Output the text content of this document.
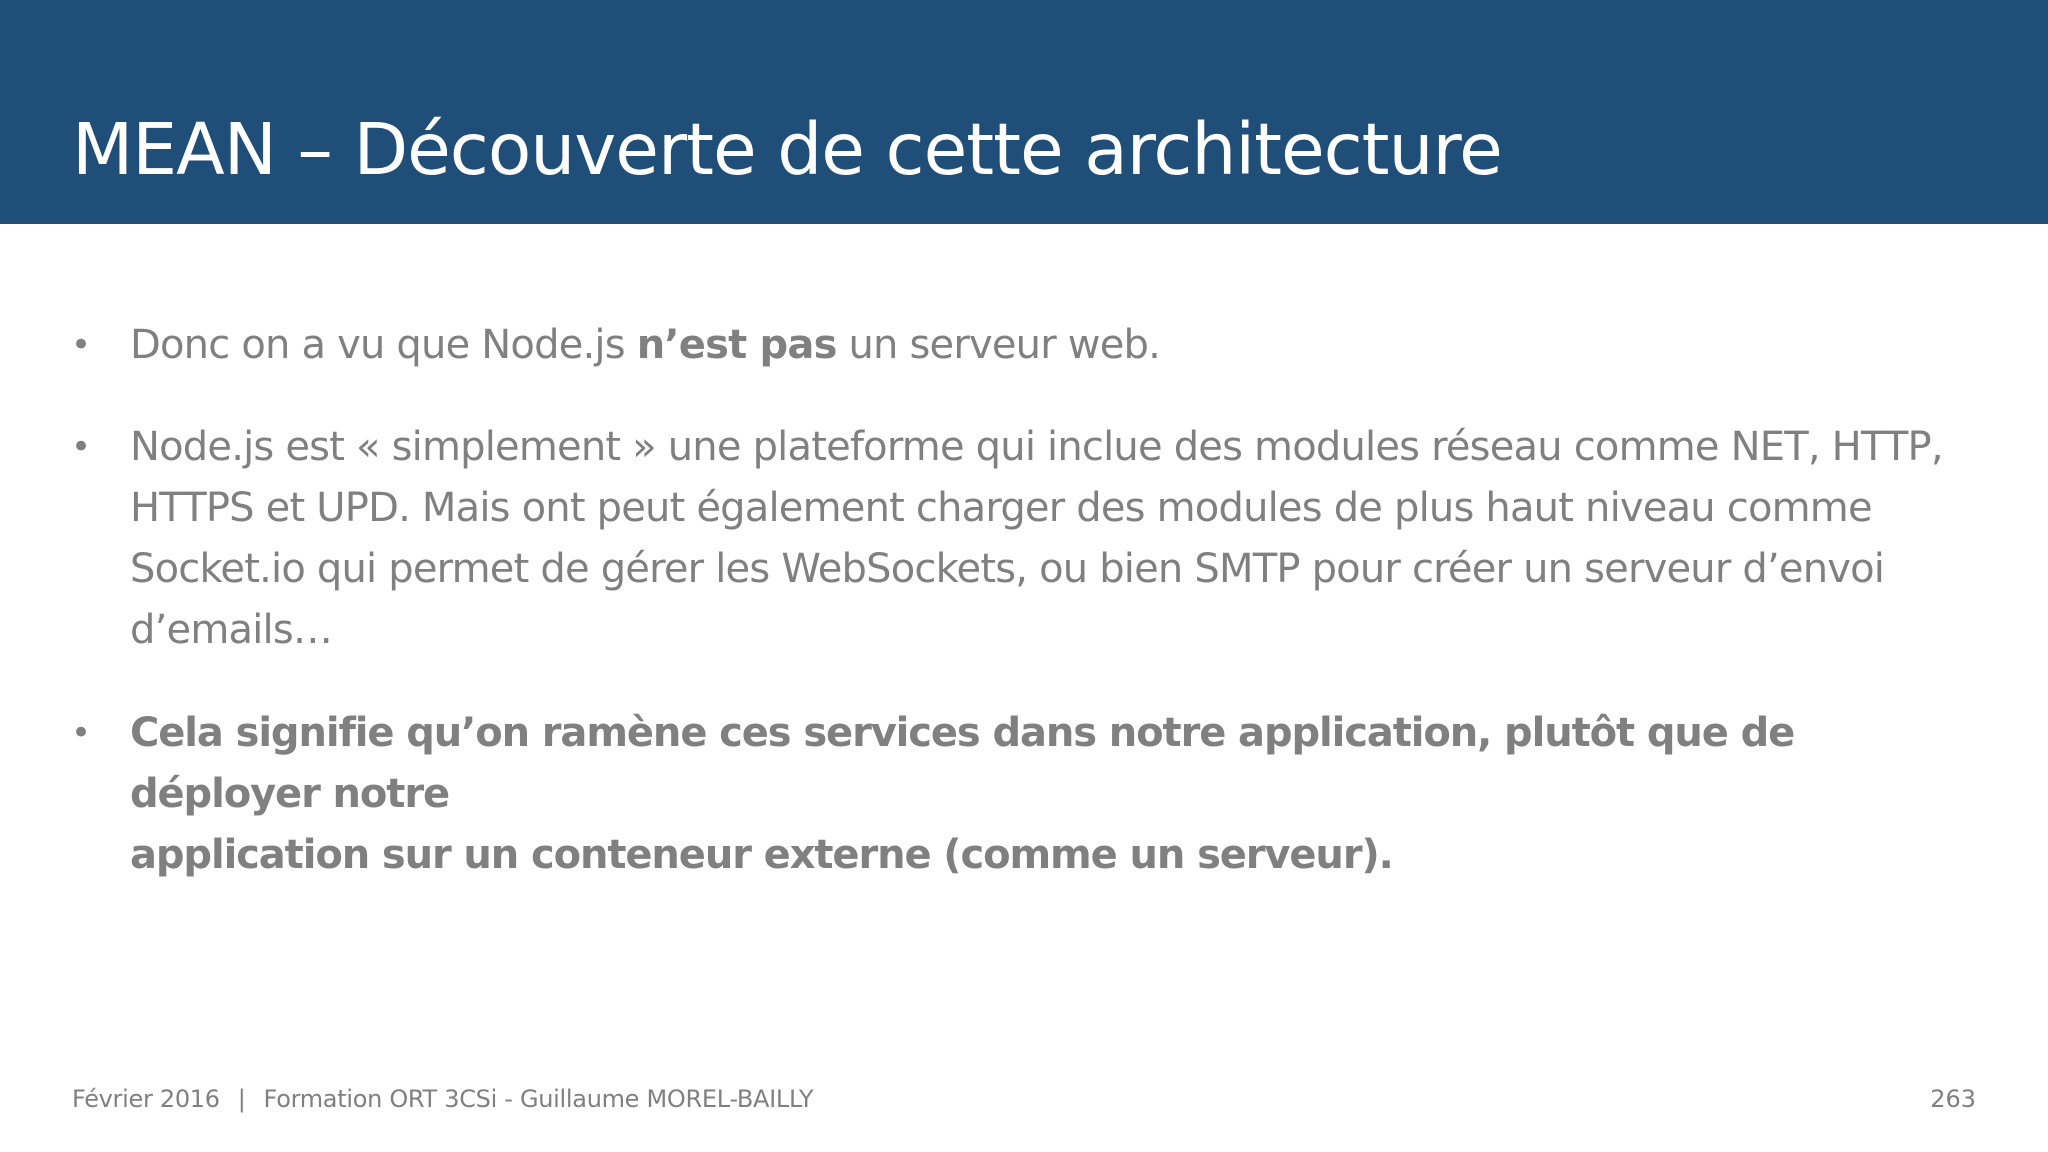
MEAN – Découverte de cette architecture
• Donc on a vu que Node.js n’est pas un serveur web.
• Node.js est « simplement » une plateforme qui inclue des modules réseau comme NET, HTTP,
HTTPS et UPD. Mais ont peut également charger des modules de plus haut niveau comme
Socket.io qui permet de gérer les WebSockets, ou bien SMTP pour créer un serveur d’envoi
d’emails…
• Cela signifie qu’on ramène ces services dans notre application, plutôt que de déployer notre
application sur un conteneur externe (comme un serveur).
Février 2016 | Formation ORT 3CSi - Guillaume MOREL-BAILLY	263
